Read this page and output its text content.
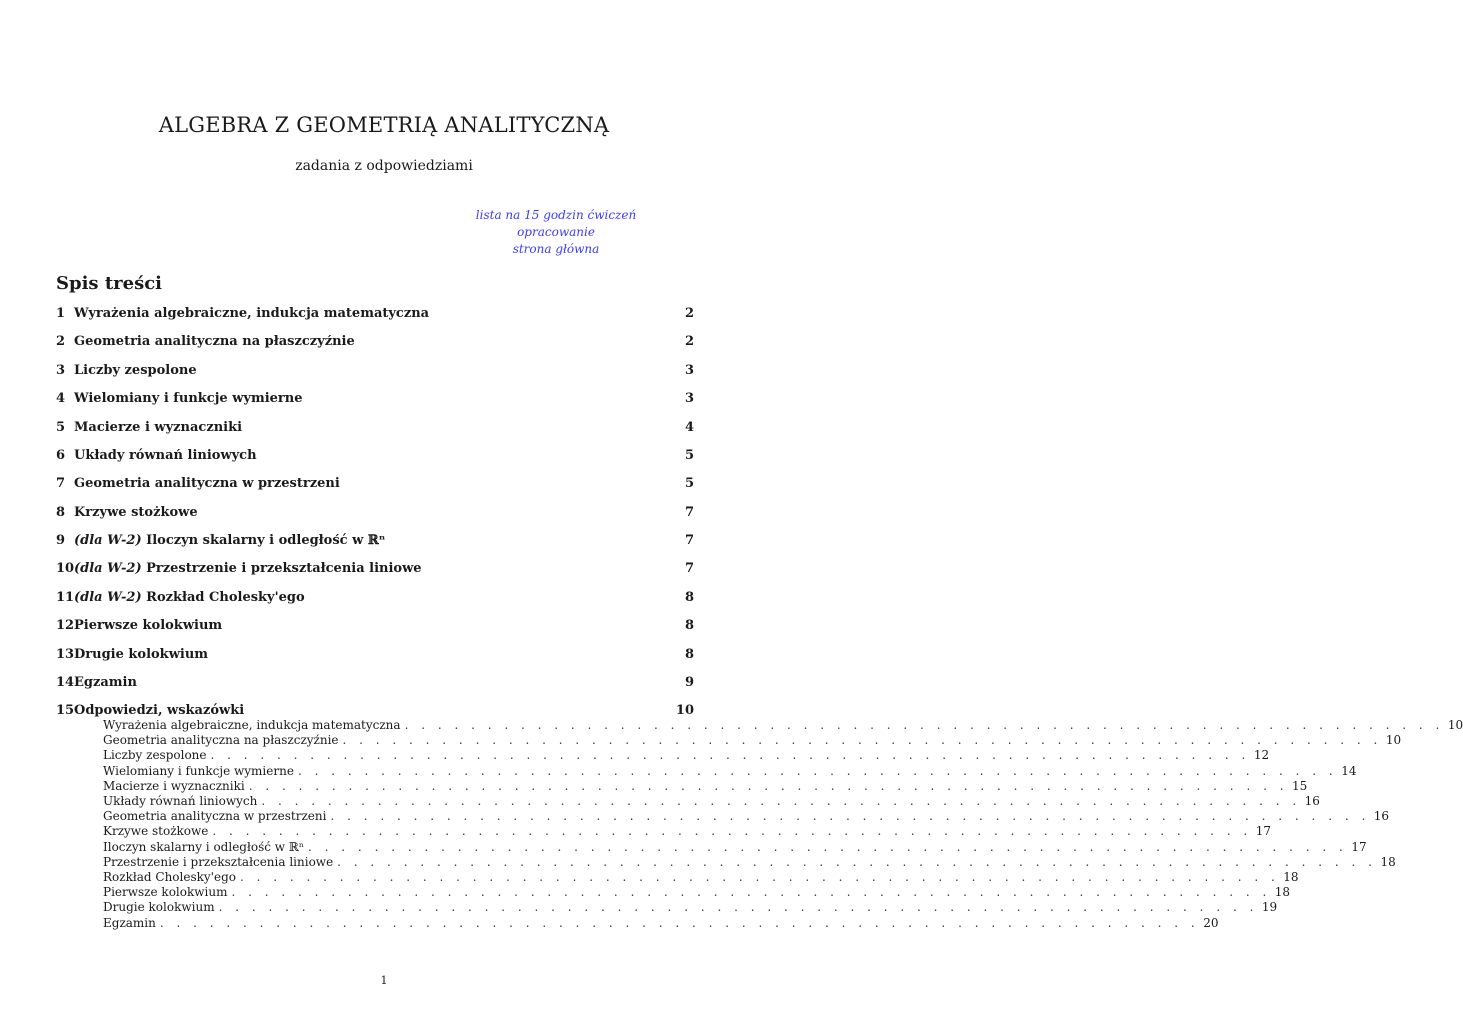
ALGEBRA Z GEOMETRIĄ ANALITYCZNĄ
zadania z odpowiedziami
lista na 15 godzin ćwiczeń
opracowanie
strona główna
Spis treści
1 Wyrażenia algebraiczne, indukcja matematyczna	2
2 Geometria analityczna na płaszczyźnie	2
3 Liczby zespolone	3
4 Wielomiany i funkcje wymierne	3
5 Macierze i wyznaczniki	4
6 Układy równań liniowych	5
7 Geometria analityczna w przestrzeni	5
8 Krzywe stożkowe	7
9 (dla W-2) Iloczyn skalarny i odległość w ℝⁿ	7
10 (dla W-2) Przestrzenie i przekształcenia liniowe	7
11 (dla W-2) Rozkład Cholesky'ego	8
12 Pierwsze kolokwium	8
13 Drugie kolokwium	8
14 Egzamin	9
15 Odpowiedzi, wskazówki	10
Wyrażenia algebraiczne, indukcja matematyczna . . . . . . . . . . . . . . . . . . . . . . . . . . . . . . . . . . . . . . . . . . . . . . . . . . . . . . . . . . . . . . . 10
Geometria analityczna na płaszczyźnie . . . . . . . . . . . . . . . . . . . . . . . . . . . . . . . . . . . . . . . . . . . . . . . . . . . . . . . . . . . . . . . 10
Liczby zespolone . . . . . . . . . . . . . . . . . . . . . . . . . . . . . . . . . . . . . . . . . . . . . . . . . . . . . . . . . . . . . . . 12
Wielomiany i funkcje wymierne . . . . . . . . . . . . . . . . . . . . . . . . . . . . . . . . . . . . . . . . . . . . . . . . . . . . . . . . . . . . . . . 14
Macierze i wyznaczniki . . . . . . . . . . . . . . . . . . . . . . . . . . . . . . . . . . . . . . . . . . . . . . . . . . . . . . . . . . . . . . . 15
Układy równań liniowych . . . . . . . . . . . . . . . . . . . . . . . . . . . . . . . . . . . . . . . . . . . . . . . . . . . . . . . . . . . . . . . 16
Geometria analityczna w przestrzeni . . . . . . . . . . . . . . . . . . . . . . . . . . . . . . . . . . . . . . . . . . . . . . . . . . . . . . . . . . . . . . . 16
Krzywe stożkowe . . . . . . . . . . . . . . . . . . . . . . . . . . . . . . . . . . . . . . . . . . . . . . . . . . . . . . . . . . . . . . . 17
Iloczyn skalarny i odległość w ℝⁿ . . . . . . . . . . . . . . . . . . . . . . . . . . . . . . . . . . . . . . . . . . . . . . . . . . . . . . . . . . . . . . . 17
Przestrzenie i przekształcenia liniowe . . . . . . . . . . . . . . . . . . . . . . . . . . . . . . . . . . . . . . . . . . . . . . . . . . . . . . . . . . . . . . . 18
Rozkład Cholesky'ego . . . . . . . . . . . . . . . . . . . . . . . . . . . . . . . . . . . . . . . . . . . . . . . . . . . . . . . . . . . . . . . 18
Pierwsze kolokwium . . . . . . . . . . . . . . . . . . . . . . . . . . . . . . . . . . . . . . . . . . . . . . . . . . . . . . . . . . . . . . . 18
Drugie kolokwium . . . . . . . . . . . . . . . . . . . . . . . . . . . . . . . . . . . . . . . . . . . . . . . . . . . . . . . . . . . . . . . 19
Egzamin . . . . . . . . . . . . . . . . . . . . . . . . . . . . . . . . . . . . . . . . . . . . . . . . . . . . . . . . . . . . . . . 20
1
